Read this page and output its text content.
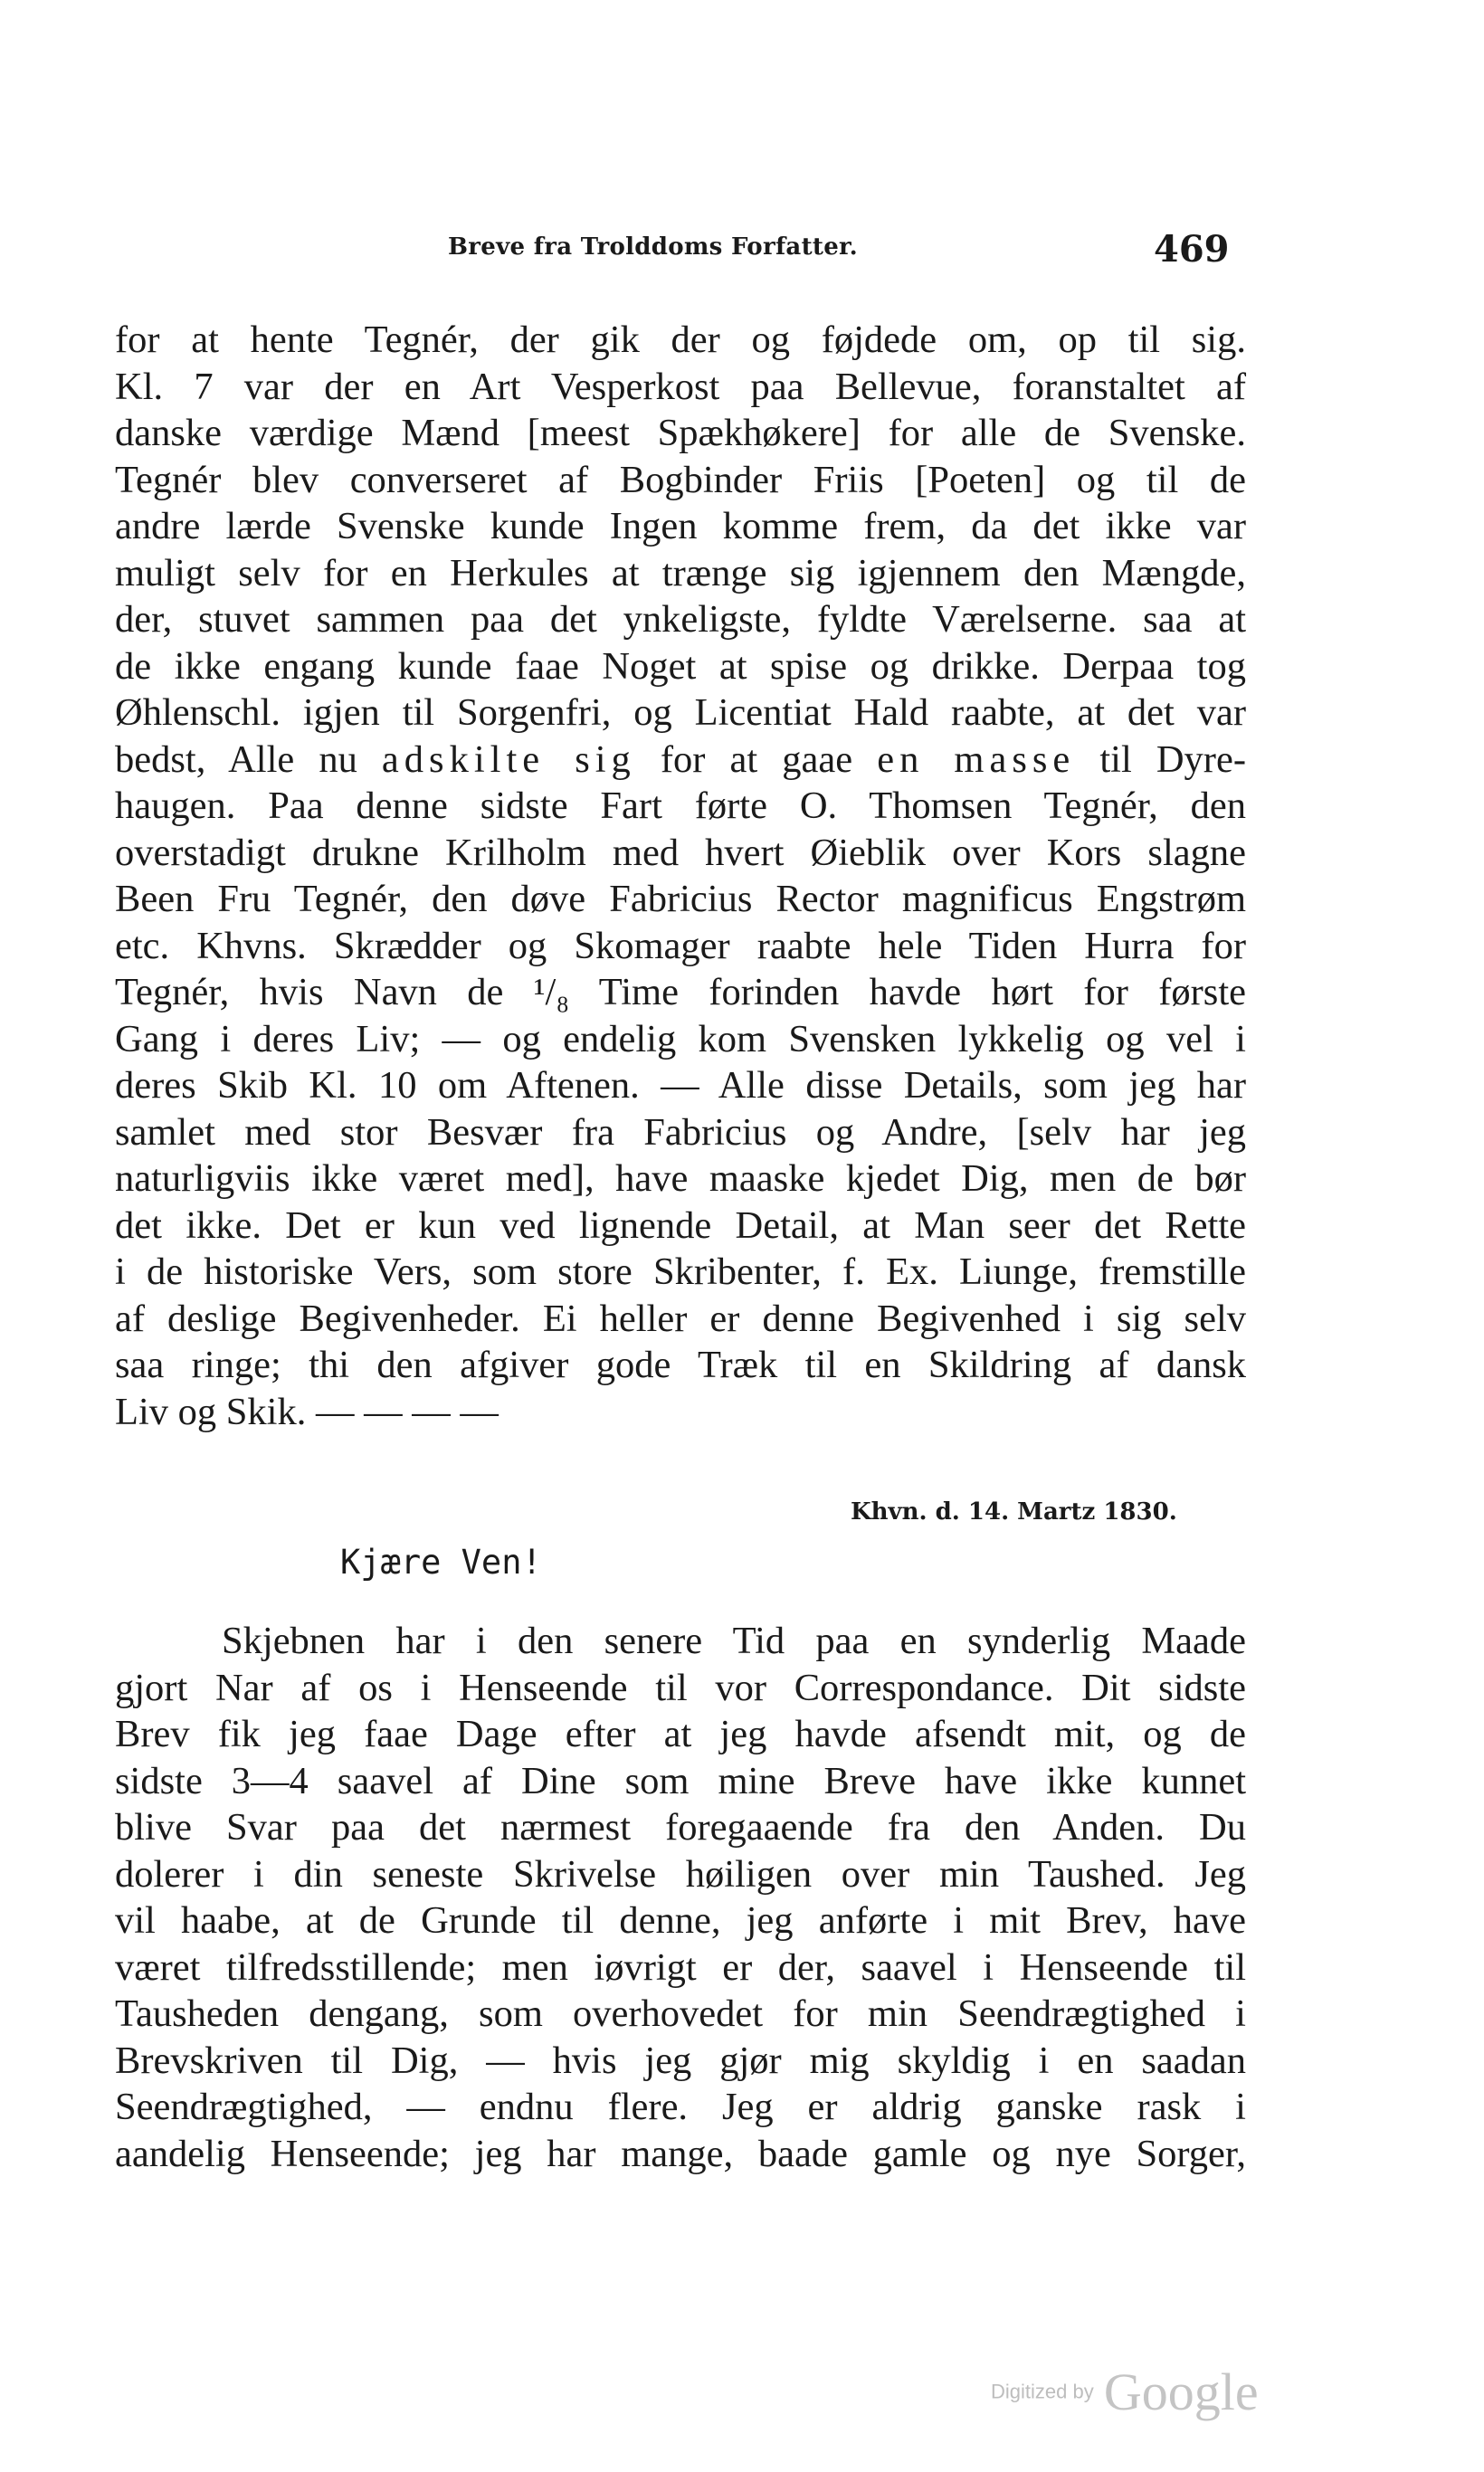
Breve fra Trolddoms Forfatter.	469
for at hente Tegnér, der gik der og føjdede om, op til sig.
Kl. 7 var der en Art Vesperkost paa Bellevue, foranstaltet af
danske værdige Mænd [meest Spækhøkere] for alle de Svenske.
Tegnér blev converseret af Bogbinder Friis [Poeten] og til de
andre lærde Svenske kunde Ingen komme frem, da det ikke var
muligt selv for en Herkules at trænge sig igjennem den Mængde,
der, stuvet sammen paa det ynkeligste, fyldte Værelserne. saa at
de ikke engang kunde faae Noget at spise og drikke. Derpaa tog
Øhlenschl. igjen til Sorgenfri, og Licentiat Hald raabte, at det var
bedst, Alle nu adskilte sig for at gaae en masse til Dyre-
haugen. Paa denne sidste Fart førte O. Thomsen Tegnér, den
overstadigt drukne Krilholm med hvert Øieblik over Kors slagne
Been Fru Tegnér, den døve Fabricius Rector magnificus Engstrøm
etc. Khvns. Skrædder og Skomager raabte hele Tiden Hurra for
Tegnér, hvis Navn de ¹/₈ Time forinden havde hørt for første
Gang i deres Liv; — og endelig kom Svensken lykkelig og vel i
deres Skib Kl. 10 om Aftenen. — Alle disse Details, som jeg har
samlet med stor Besvær fra Fabricius og Andre, [selv har jeg
naturligviis ikke været med], have maaske kjedet Dig, men de bør
det ikke. Det er kun ved lignende Detail, at Man seer det Rette
i de historiske Vers, som store Skribenter, f. Ex. Liunge, fremstille
af deslige Begivenheder. Ei heller er denne Begivenhed i sig selv
saa ringe; thi den afgiver gode Træk til en Skildring af dansk
Liv og Skik. — — — —
Khvn. d. 14. Martz 1830.
Kjære Ven!
Skjebnen har i den senere Tid paa en synderlig Maade
gjort Nar af os i Henseende til vor Correspondance. Dit sidste
Brev fik jeg faae Dage efter at jeg havde afsendt mit, og de
sidste 3—4 saavel af Dine som mine Breve have ikke kunnet
blive Svar paa det nærmest foregaaende fra den Anden. Du
dolerer i din seneste Skrivelse høiligen over min Taushed. Jeg
vil haabe, at de Grunde til denne, jeg anførte i mit Brev, have
været tilfredsstillende; men iøvrigt er der, saavel i Henseende til
Tausheden dengang, som overhovedet for min Seendrægtighed i
Brevskriven til Dig, — hvis jeg gjør mig skyldig i en saadan
Seendrægtighed, — endnu flere. Jeg er aldrig ganske rask i
aandelig Henseende; jeg har mange, baade gamle og nye Sorger,
Digitized by Google
